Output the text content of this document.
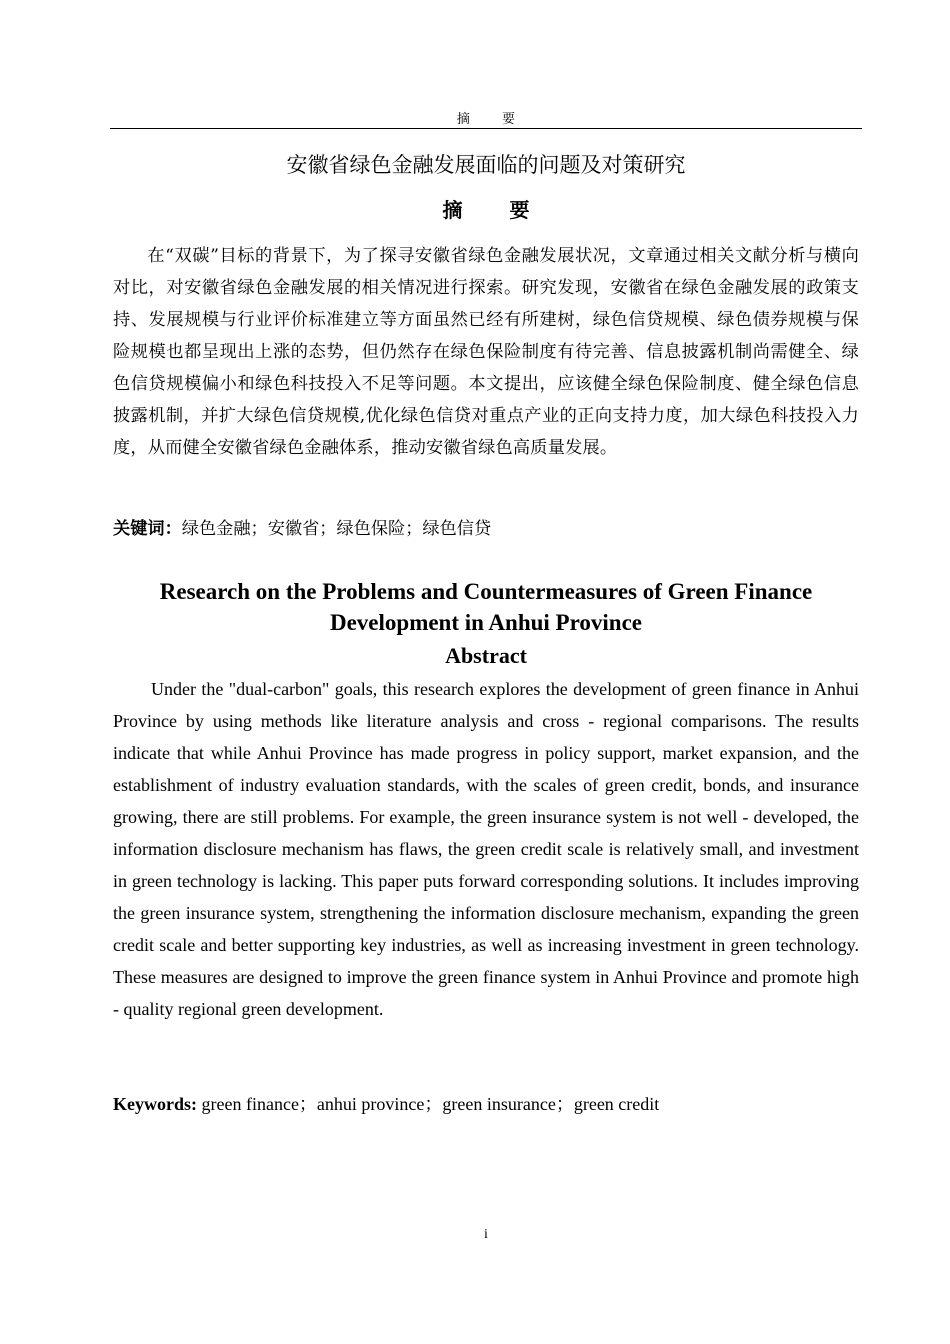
摘 要
安徽省绿色金融发展面临的问题及对策研究
摘 要

在“双碳”目标的背景下，为了探寻安徽省绿色金融发展状况，文章通过相关文献分析与横向对比，对安徽省绿色金融发展的相关情况进行探索。研究发现，安徽省在绿色金融发展的政策支持、发展规模与行业评价标准建立等方面虽然已经有所建树，绿色信贷规模、绿色债券规模与保险规模也都呈现出上涨的态势，但仍然存在绿色保险制度有待完善、信息披露机制尚需健全、绿色信贷规模偏小和绿色科技投入不足等问题。本文提出，应该健全绿色保险制度、健全绿色信息披露机制，并扩大绿色信贷规模,优化绿色信贷对重点产业的正向支持力度，加大绿色科技投入力度，从而健全安徽省绿色金融体系，推动安徽省绿色高质量发展。

关键词：绿色金融；安徽省；绿色保险；绿色信贷

Research on the Problems and Countermeasures of Green Finance Development in Anhui Province
Abstract

Under the "dual-carbon" goals, this research explores the development of green finance in Anhui Province by using methods like literature analysis and cross - regional comparisons. The results indicate that while Anhui Province has made progress in policy support, market expansion, and the establishment of industry evaluation standards, with the scales of green credit, bonds, and insurance growing, there are still problems. For example, the green insurance system is not well - developed, the information disclosure mechanism has flaws, the green credit scale is relatively small, and investment in green technology is lacking. This paper puts forward corresponding solutions. It includes improving the green insurance system, strengthening the information disclosure mechanism, expanding the green credit scale and better supporting key industries, as well as increasing investment in green technology. These measures are designed to improve the green finance system in Anhui Province and promote high - quality regional green development.

Keywords: green finance；anhui province；green insurance；green credit

i
